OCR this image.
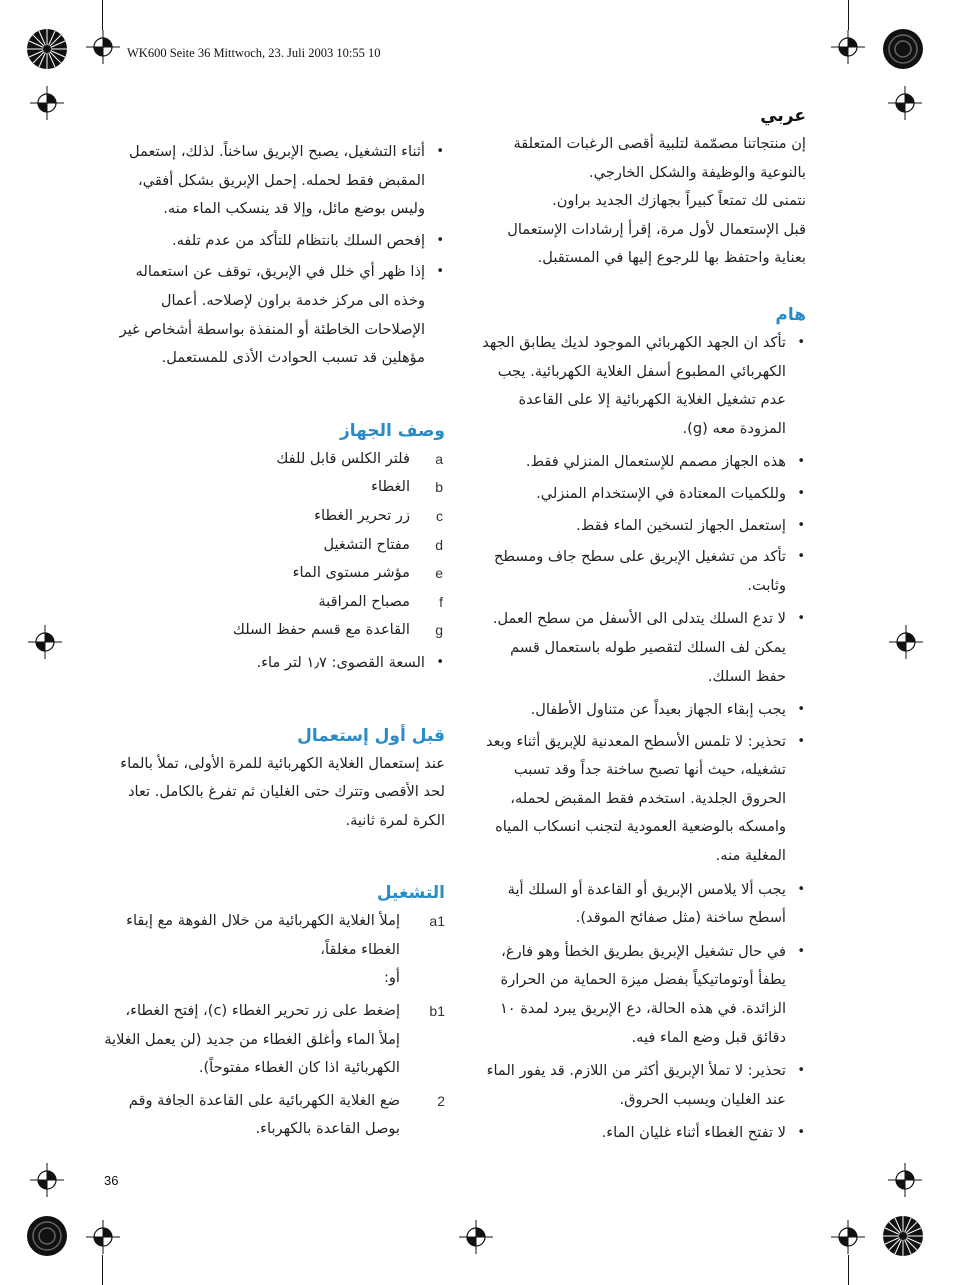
WK600 Seite 36 Mittwoch, 23. Juli 2003 10:55 10
36
عربي

إن منتجاتنا مصمّمة لتلبية أقصى الرغبات المتعلقة بالنوعية والوظيفة والشكل الخارجي.

نتمنى لك تمتعاً كبيراً بجهازك الجديد براون.

قبل الإستعمال لأول مرة، إقرأ إرشادات الإستعمال بعناية واحتفظ بها للرجوع إليها في المستقبل.

هام
• تأكد ان الجهد الكهربائي الموجود لديك يطابق الجهد الكهربائي المطبوع أسفل الغلاية الكهربائية. يجب عدم تشغيل الغلاية الكهربائية إلا على القاعدة المزودة معه (g).
• هذه الجهاز مصمم للإستعمال المنزلي فقط.
• وللكميات المعتادة في الإستخدام المنزلي.
• إستعمل الجهاز لتسخين الماء فقط.
• تأكد من تشغيل الإبريق على سطح جاف ومسطح وثابت.
• لا تدع السلك يتدلى الى الأسفل من سطح العمل. يمكن لف السلك لتقصير طوله باستعمال قسم حفظ السلك.
• يجب إبقاء الجهاز بعيداً عن متناول الأطفال.
• تحذير: لا تلمس الأسطح المعدنية للإبريق أثناء وبعد تشغيله، حيث أنها تصبح ساخنة جداً وقد تسبب الحروق الجلدية. استخدم فقط المقبض لحمله، وامسكه بالوضعية العمودية لتجنب انسكاب المياه المغلية منه.
• يجب ألا يلامس الإبريق أو القاعدة أو السلك أية أسطح ساخنة (مثل صفائح الموقد).
• في حال تشغيل الإبريق بطريق الخطأ وهو فارغ، يطفأ أوتوماتيكياً بفضل ميزة الحماية من الحرارة الزائدة. في هذه الحالة، دع الإبريق يبرد لمدة ١٠ دقائق قبل وضع الماء فيه.
• تحذير: لا تملأ الإبريق أكثر من اللازم. قد يفور الماء عند الغليان ويسبب الحروق.
• لا تفتح الغطاء أثناء غليان الماء.
• أثناء التشغيل، يصبح الإبريق ساخناً. لذلك، إستعمل المقبض فقط لحمله. إحمل الإبريق بشكل أفقي، وليس بوضع مائل، وإلا قد ينسكب الماء منه.
• إفحص السلك بانتظام للتأكد من عدم تلفه.
• إذا ظهر أي خلل في الإبريق، توقف عن استعماله وخذه الى مركز خدمة براون لإصلاحه. أعمال الإصلاحات الخاطئة أو المنفذة بواسطة أشخاص غير مؤهلين قد تسبب الحوادث الأذى للمستعمل.
وصف الجهاز
a
فلتر الكلس قابل للفك
b
الغطاء
c
زر تحرير الغطاء
d
مفتاح التشغيل
e
مؤشر مستوى الماء
f
مصباح المراقبة
g
القاعدة مع قسم حفظ السلك
• السعة القصوى: ١٫٧ لتر ماء.
قبل أول إستعمال

عند إستعمال الغلاية الكهربائية للمرة الأولى، تملأ بالماء لحد الأقصى وتترك حتى الغليان ثم تفرغ بالكامل. تعاد الكرة لمرة ثانية.

التشغيل
a1
إملأ الغلاية الكهربائية من خلال الفوهة مع إبقاء الغطاء مغلقاً،
أو:
b1
إضغط على زر تحرير الغطاء (c)، إفتح الغطاء، إملأ الماء وأغلق الغطاء من جديد (لن يعمل الغلاية الكهربائية اذا كان الغطاء مفتوحاً).
2
ضع الغلاية الكهربائية على القاعدة الجافة وقم بوصل القاعدة بالكهرباء.
